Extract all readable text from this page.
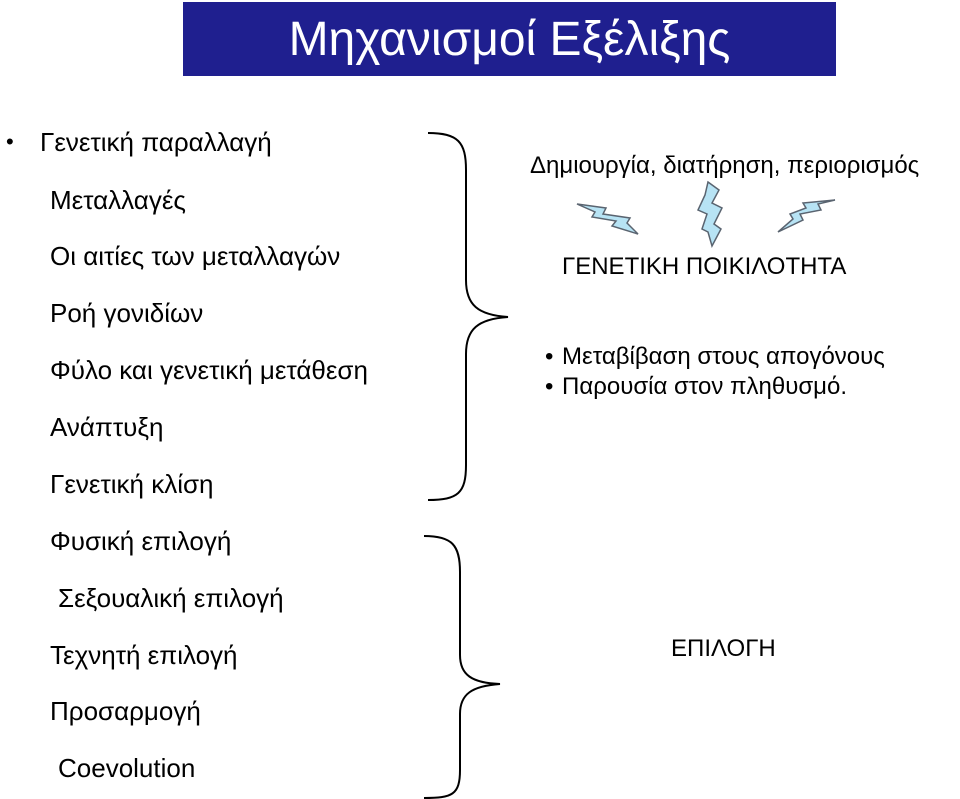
Μηχανισμοί Εξέλιξης
• Γενετική παραλλαγή
Μεταλλαγές
Οι αιτίες των μεταλλαγών
Ροή γονιδίων
Φύλο και γενετική μετάθεση
Ανάπτυξη
Γενετική κλίση
Φυσική επιλογή
Σεξουαλική επιλογή
Τεχνητή επιλογή
Προσαρμογή
Coevolution
Δημιουργία, διατήρηση, περιορισμός
ΓΕΝΕΤΙΚΗ ΠΟΙΚΙΛΟΤΗΤΑ
• Μεταβίβαση στους απογόνους
• Παρουσία στον πληθυσμό.
ΕΠΙΛΟΓΗ
